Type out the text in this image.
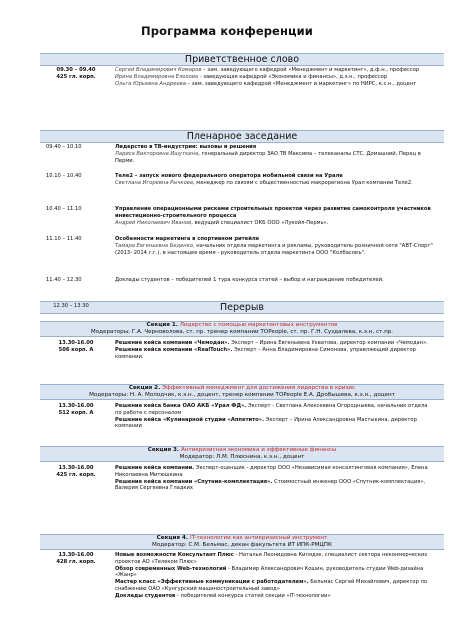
Программа конференции
Приветственное слово
09.30 – 09.40
425 гл. корп.

Сергей Владимирович Комаров – зам. заведующего кафедрой «Менеджмент и маркетинг», д.ф.н., профессор

Ирина Владимировна Елохова - заведующая кафедрой «Экономика и финансы», д.э.н., профессор

Ольга Юрьевна Андреева – зам. заведующего кафедрой «Менеджмент и маркетинг» по НИРС, к.с.н., доцент

Пленарное заседание
09.40 – 10.10	Лидерство в ТВ-индустрии: вызовы и решения

Лариса Викторовна Ишуткина, генеральный директор ЗАО ТВ Максима – телеканалы СТС, Домашний, Перец в Перми.

10.10 – 10.40	Теле2 – запуск нового федерального оператора мобильной связи на Урале

Светлана Игоревна Рычкова, менеджер по связям с общественностью макрорегиона Урал компании Теле2.

10.40 – 11.10	Управление операционными рисками строительных проектов через развитие самоконтроля участников инвестиционно-строительного процесса

Андрей Николаевич Иванов, ведущий специалист ОКБ ООО «Лукойл-Пермь».

11.10 – 11.40	Особенности маркетинга в спортивном ритейле

Тамара Евгеньевна Беденко, начальник отдела маркетинга и рекламы, руководитель розничной сети "АВТ-Спорт" (2013- 2014 г.г.), в настоящее время - руководитель отдела маркетинга ООО "Колбасовъ".

11.40 – 12.30	Доклады студентов – победителей 1 тура конкурса статей – выбор и награждение победителей.

Перерыв
12.30 – 13.30
Секция 1. Лидерство с помощью маркетинговых инструментов
Модераторы: Г.А. Черноволова, ст. пр. тренер компании TOPeople, ст. пр. Г.Н. Суздалева, к.э.н, ст.пр.
13.30-16.00
506 корп. А

Решение кейса компании «Чемодан». Эксперт – Ирина Евгеньевна Ухватова, директор компании «Чемодан».

Решение кейса компании «RealTouch». Эксперт – Анна Владимировна Симонова, управляющий директор компании.

Секция 2. Эффективный менеджмент для достижения лидерства в кризис
Модераторы: Н. А. Молодчик, к.э.н., доцент, тренер компании TOPeople Е.А. Дробышева, к.э.н., доцент
13.30-16.00
512 корп. А

Решение кейса банка ОАО АКБ «Урал ФД». Эксперт - Светлана Алексеевна Огородныева, начальник отдела по работе с персоналом

Решение кейса «Кулинарной студии «Аппетито». Эксперт – Ирина Александровна Мастыкина, директор компании

Секция 3. Антикризисная экономика и эффективные финансы
Модератор: Л.М. Плюснина, к.э.н., доцент
13.30-16.00
425 гл. корп.

Решение кейса компании. Эксперт-оценщик - директор ООО «Независимая консалтинговая компания», Елена Николаевна Митюшкина

Решение кейса компании «Спутник-комплектация». Стоимостный инженер ООО «Спутник-комплектация», Валерия Сергеевна Гладких

Секция 4. IT-технологии как антикризисный инструмент
Модератор: С.М. Бельмас, декан факультета ИТ ИПК-РМЦПК
13.30-16.00
428 гл. корп.

Новые возможности Консультант Плюс - Наталья Леонидовна Килядзе, специалист сектора неконмерческих проектов АО «Телеком Плюс»

Обзор современных Web-технологий - Владимир Александрович Кошин, руководитель студии Web-дизайна «Жанр»

Мастер класс «Эффективные коммуникации с работодателем». Бельмас Сергей Михайлович, директор по снабжению ОАО «Кунгурский машиностроительный завод»

Доклады студентов - победителей конкурса статей секции «IT-технологии»
